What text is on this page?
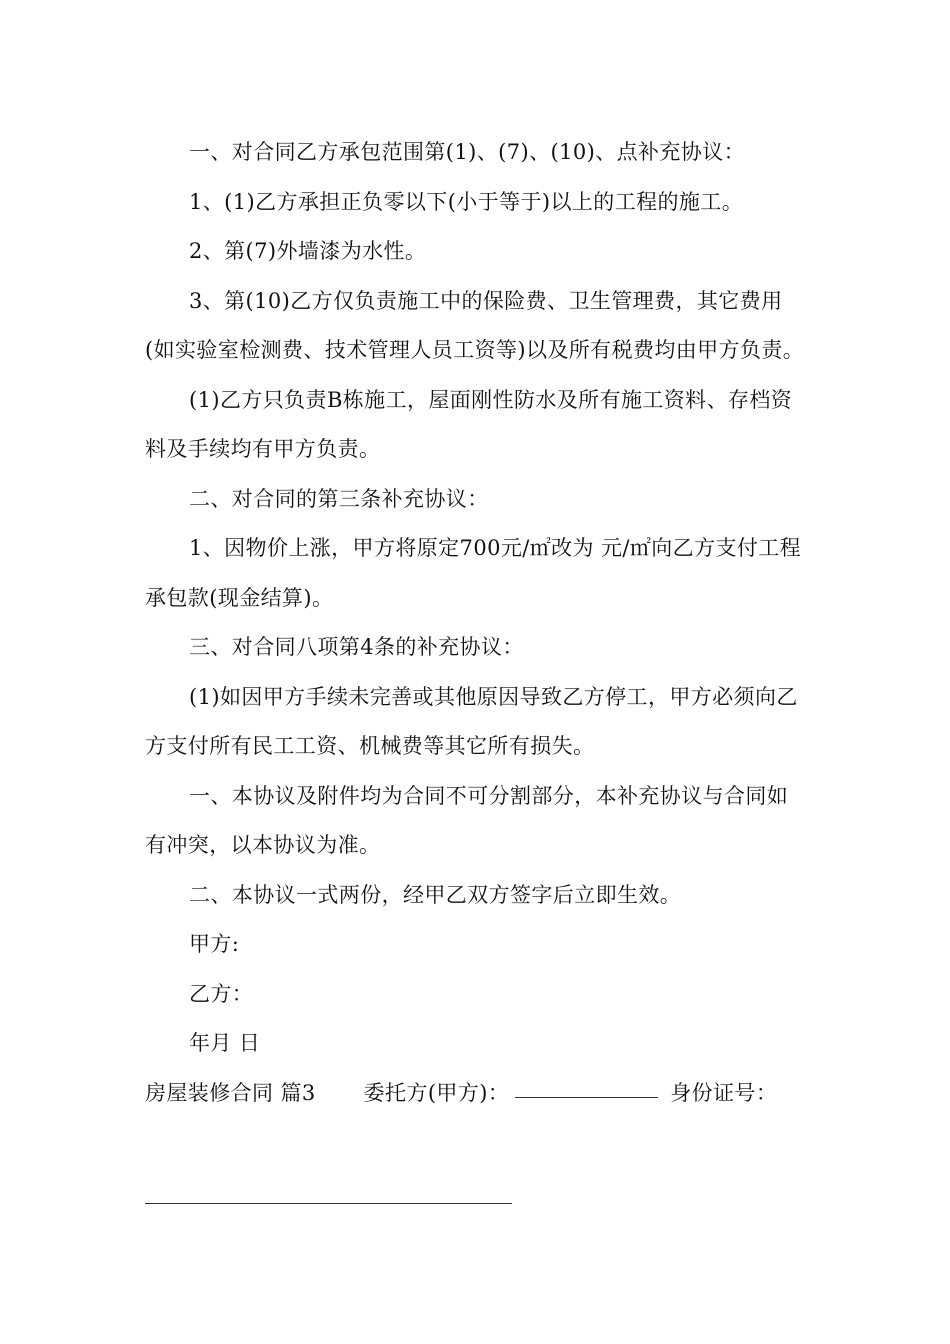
一、对合同乙方承包范围第(1)、(7)、(10)、点补充协议：

1、(1)乙方承担正负零以下(小于等于)以上的工程的施工。

2、第(7)外墙漆为水性。

3、第(10)乙方仅负责施工中的保险费、卫生管理费，其它费用(如实验室检测费、技术管理人员工资等)以及所有税费均由甲方负责。

(1)乙方只负责B栋施工，屋面刚性防水及所有施工资料、存档资料及手续均有甲方负责。

二、对合同的第三条补充协议：

1、因物价上涨，甲方将原定700元/㎡改为 元/㎡向乙方支付工程承包款(现金结算)。

三、对合同八项第4条的补充协议：

(1)如因甲方手续未完善或其他原因导致乙方停工，甲方必须向乙方支付所有民工工资、机械费等其它所有损失。

一、本协议及附件均为合同不可分割部分，本补充协议与合同如有冲突，以本协议为准。

二、本协议一式两份，经甲乙双方签字后立即生效。

甲方:

乙方：

年月 日

房屋装修合同 篇3 委托方(甲方)：	身份证号：
